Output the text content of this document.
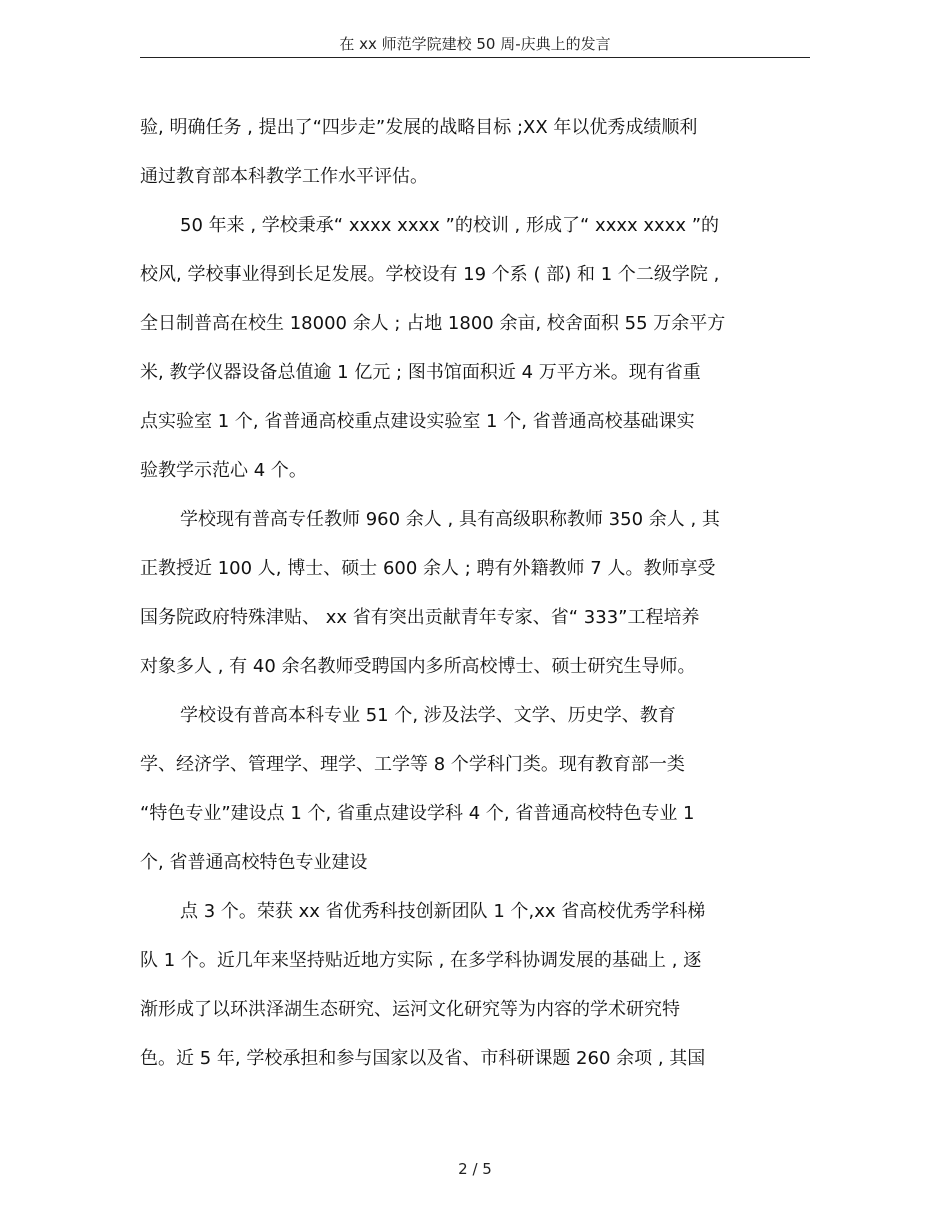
在 xx 师范学院建校 50 周-庆典上的发言
验, 明确任务 , 提出了“四步走”发展的战略目标 ;XX 年以优秀成绩顺利
通过教育部本科教学工作水平评估。
50 年来 , 学校秉承“ xxxx xxxx ”的校训 , 形成了“ xxxx xxxx ”的
校风, 学校事业得到长足发展。学校设有 19 个系 ( 部) 和 1 个二级学院 ,
全日制普高在校生 18000 余人 ; 占地 1800 余亩, 校舍面积 55 万余平方
米, 教学仪器设备总值逾 1 亿元 ; 图书馆面积近 4 万平方米。现有省重
点实验室 1 个, 省普通高校重点建设实验室 1 个, 省普通高校基础课实
验教学示范心 4 个。
学校现有普高专任教师 960 余人 , 具有高级职称教师 350 余人 , 其
正教授近 100 人, 博士、硕士 600 余人 ; 聘有外籍教师 7 人。教师享受
国务院政府特殊津贴、 xx 省有突出贡献青年专家、省“ 333”工程培养
对象多人 , 有 40 余名教师受聘国内多所高校博士、硕士研究生导师。
学校设有普高本科专业 51 个, 涉及法学、文学、历史学、教育
学、经济学、管理学、理学、工学等 8 个学科门类。现有教育部一类
“特色专业”建设点 1 个, 省重点建设学科 4 个, 省普通高校特色专业 1
个, 省普通高校特色专业建设
点 3 个。荣获 xx 省优秀科技创新团队 1 个,xx 省高校优秀学科梯
队 1 个。近几年来坚持贴近地方实际 , 在多学科协调发展的基础上 , 逐
渐形成了以环洪泽湖生态研究、运河文化研究等为内容的学术研究特
色。近 5 年, 学校承担和参与国家以及省、市科研课题 260 余项 , 其国
2 / 5
